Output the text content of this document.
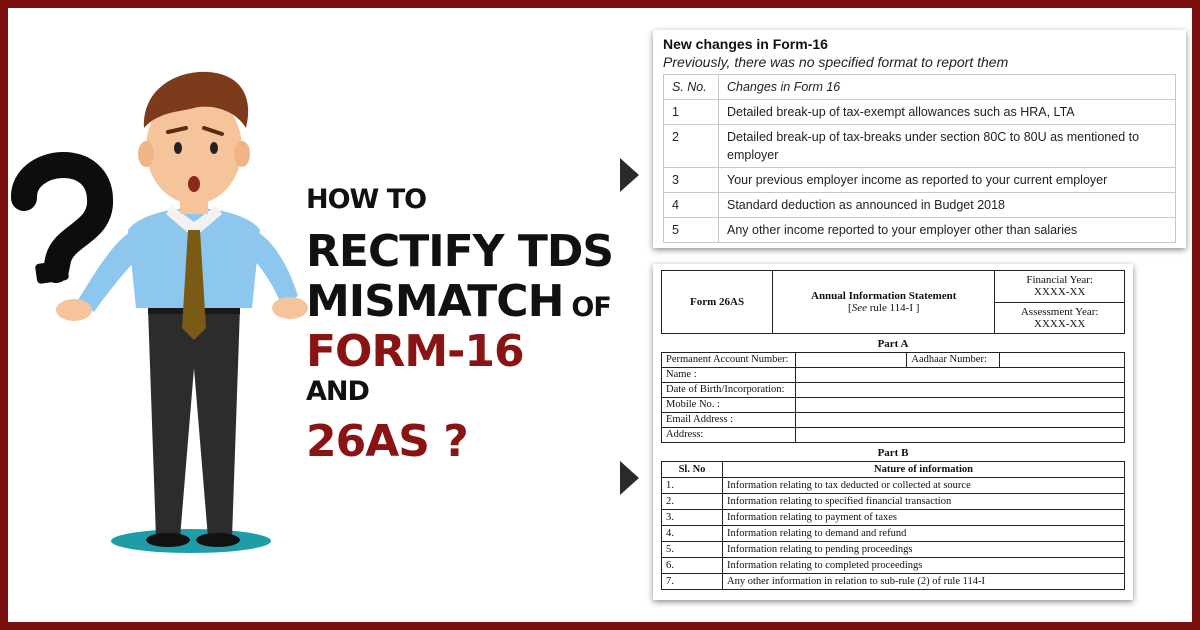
HOW TO
RECTIFY TDS
MISMATCH OF
FORM-16
AND
26AS ?
New changes in Form-16
Previously, there was no specified format to report them
S. No.	Changes in Form 16
1	Detailed break-up of tax-exempt allowances such as HRA, LTA
2	Detailed break-up of tax-breaks under section 80C to 80U as mentioned to employer
3	Your previous employer income as reported to your current employer
4	Standard deduction as announced in Budget 2018
5	Any other income reported to your employer other than salaries
Form 26AS	Annual Information Statement
[See rule 114-I ]

Financial Year:
XXXX-XX

Assessment Year:
XXXX-XX
Part A
Permanent Account Number:		Aadhaar Number:	
Name :			
Date of Birth/Incorporation:			
Mobile No. :			
Email Address :			
Address:			
Part B
Sl. No	Nature of information
1.	Information relating to tax deducted or collected at source
2.	Information relating to specified financial transaction
3.	Information relating to payment of taxes
4.	Information relating to demand and refund
5.	Information relating to pending proceedings
6.	Information relating to completed proceedings
7.	Any other information in relation to sub-rule (2) of rule 114-I
